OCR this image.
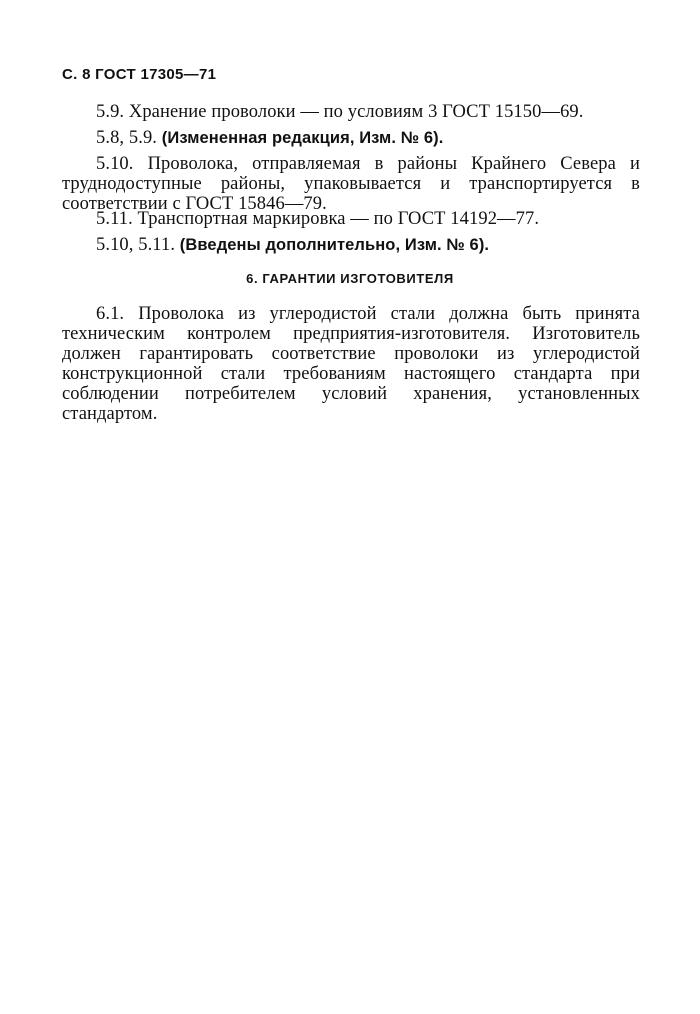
С. 8 ГОСТ 17305—71

5.9. Хранение проволоки — по условиям 3 ГОСТ 15150—69.

5.8, 5.9. (Измененная редакция, Изм. № 6).

5.10. Проволока, отправляемая в районы Крайнего Севера и труднодоступные районы, упаковывается и транспортируется в соответствии с ГОСТ 15846—79.

5.11. Транспортная маркировка — по ГОСТ 14192—77.

5.10, 5.11. (Введены дополнительно, Изм. № 6).

6. ГАРАНТИИ ИЗГОТОВИТЕЛЯ

6.1. Проволока из углеродистой стали должна быть принята техническим контролем предприятия-изготовителя. Изготовитель должен гарантировать соответствие проволоки из углеродистой конструкционной стали требованиям настоящего стандарта при соблюдении потребителем условий хранения, установленных стандартом.
